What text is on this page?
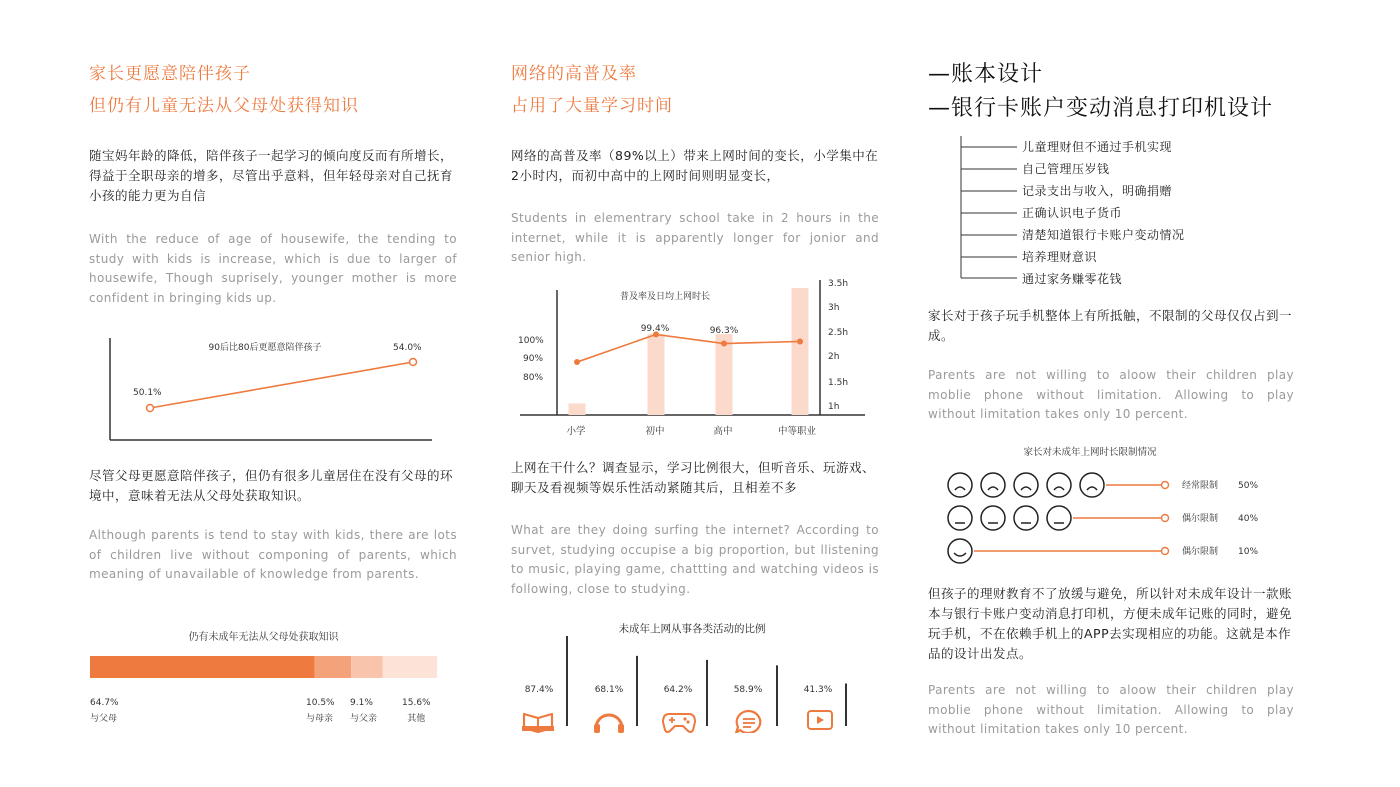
家长更愿意陪伴孩子
但仍有儿童无法从父母处获得知识
随宝妈年龄的降低，陪伴孩子一起学习的倾向度反而有所增长，得益于全职母亲的增多，尽管出乎意料，但年轻母亲对自己抚育小孩的能力更为自信
With the reduce of age of housewife, the tending to study with kids is increase, which is due to larger of housewife, Though suprisely, younger mother is more confident in bringing kids up.
90后比80后更愿意陪伴孩子
50.1%
54.0%
尽管父母更愿意陪伴孩子，但仍有很多儿童居住在没有父母的环境中，意味着无法从父母处获取知识。
Although parents is tend to stay with kids, there are lots of children live without componing of parents, which meaning of unavailable of knowledge from parents.
仍有未成年无法从父母处获取知识
64.7%
与父母
10.5%
与母亲
9.1%
与父亲
15.6%
其他
网络的高普及率
占用了大量学习时间
网络的高普及率（89%以上）带来上网时间的变长，小学集中在2小时内，而初中高中的上网时间则明显变长，
Students in elementrary school take in 2 hours in the internet, while it is apparently longer for jonior and senior high.
普及率及日均上网时长
100%
90%
80%
3.5h
3h
2.5h
2h
1.5h
1h
99.4%	96.3%
小学	初中	高中	中等职业
上网在干什么？调查显示，学习比例很大，但听音乐、玩游戏、聊天及看视频等娱乐性活动紧随其后，且相差不多
What are they doing surfing the internet? According to survet, studying occupise a big proportion, but llistening to music, playing game, chattting and watching videos is following, close to studying.
未成年上网从事各类活动的比例
87.4%	68.1%	64.2%	58.9%	41.3%
—账本设计
—银行卡账户变动消息打印机设计
儿童理财但不通过手机实现
自己管理压岁钱
记录支出与收入，明确捐赠
正确认识电子货币
清楚知道银行卡账户变动情况
培养理财意识
通过家务赚零花钱
家长对于孩子玩手机整体上有所抵触，不限制的父母仅仅占到一成。
Parents are not willing to aloow their children play moblie phone without limitation. Allowing to play without limitation takes only 10 percent.
家长对未成年上网时长限制情况
经常限制 50%
偶尔限制 40%
偶尔限制 10%
但孩子的理财教育不了放缓与避免，所以针对未成年设计一款账本与银行卡账户变动消息打印机，方便未成年记账的同时，避免玩手机，不在依赖手机上的APP去实现相应的功能。这就是本作品的设计出发点。
Parents are not willing to aloow their children play moblie phone without limitation. Allowing to play without limitation takes only 10 percent.
